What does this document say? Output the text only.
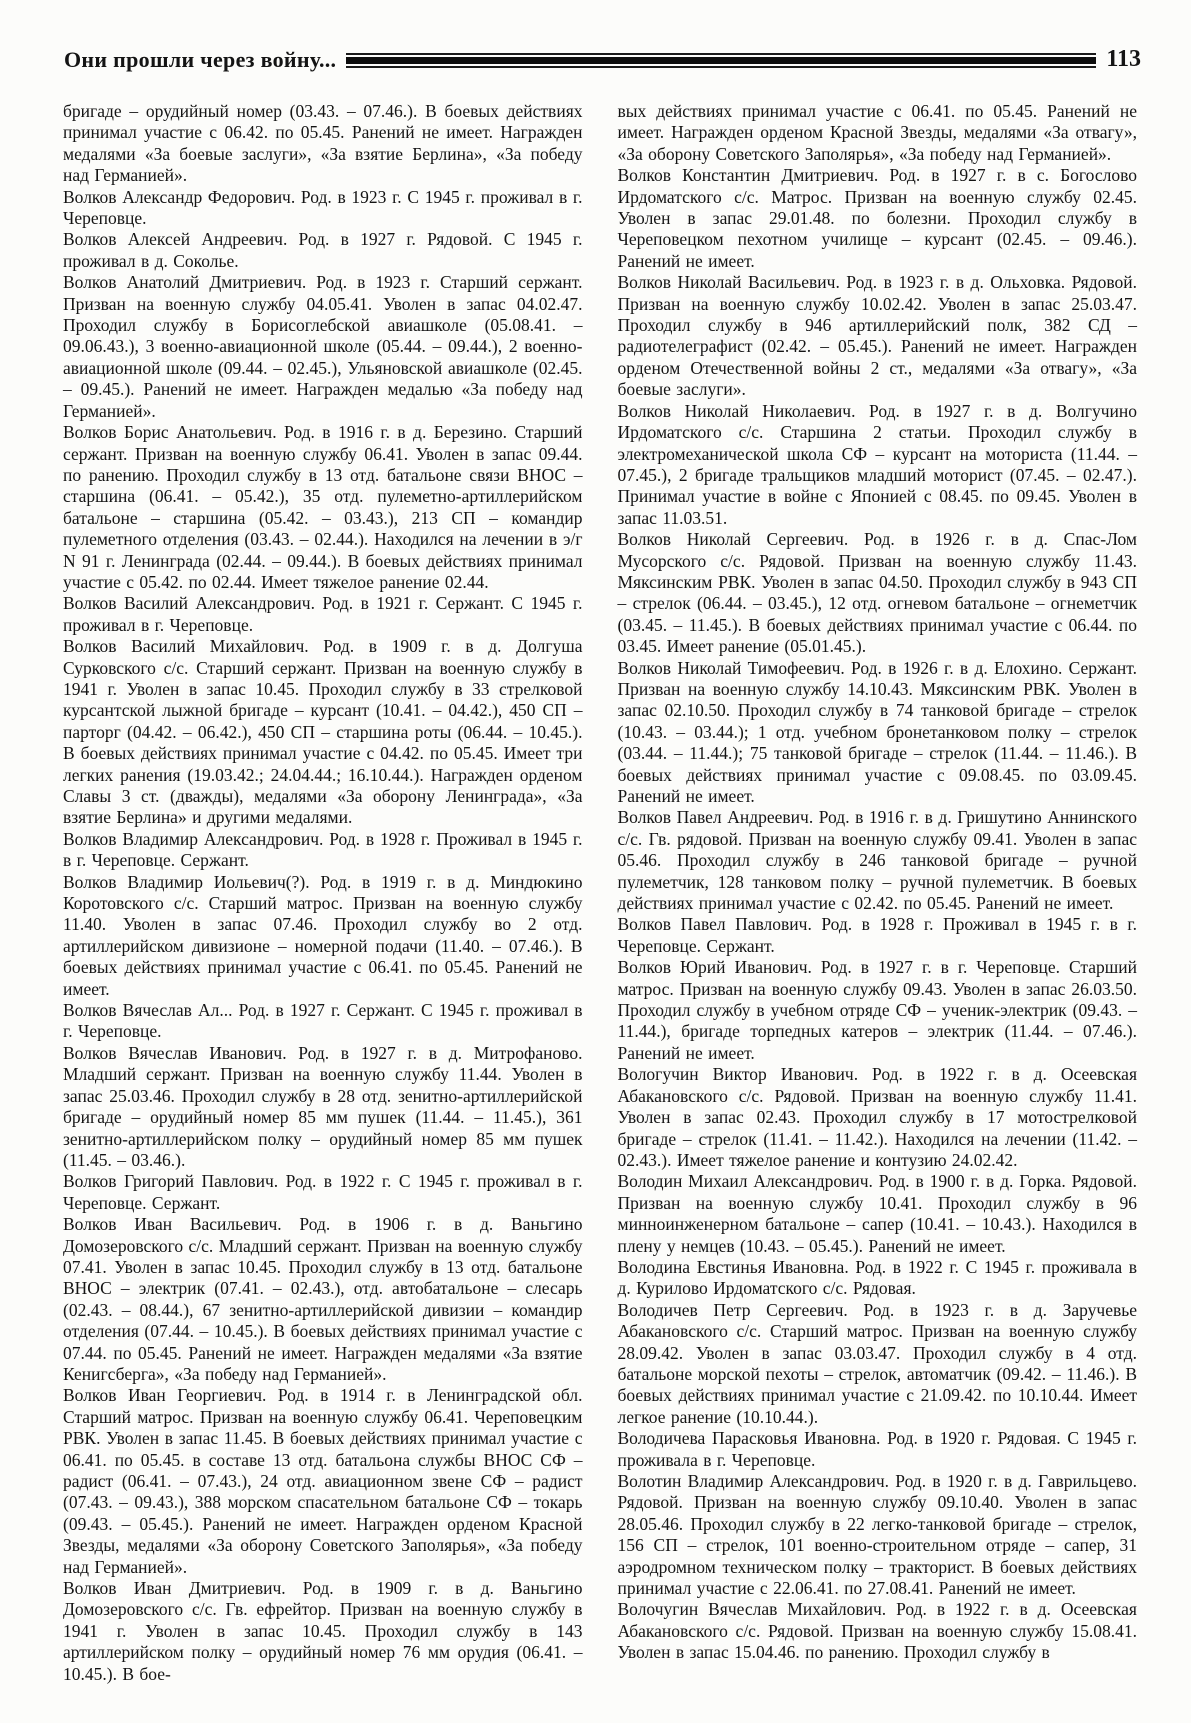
Они прошли через войну...	113

бригаде – орудийный номер (03.43. – 07.46.). В боевых действиях принимал участие с 06.42. по 05.45. Ранений не имеет. Награжден медалями «За боевые заслуги», «За взятие Берлина», «За победу над Германией».

Волков Александр Федорович. Род. в 1923 г. С 1945 г. проживал в г. Череповце.

Волков Алексей Андреевич. Род. в 1927 г. Рядовой. С 1945 г. проживал в д. Соколье.

Волков Анатолий Дмитриевич. Род. в 1923 г. Старший сержант. Призван на военную службу 04.05.41. Уволен в запас 04.02.47. Проходил службу в Борисоглебской авиашколе (05.08.41. – 09.06.43.), 3 военно-авиационной школе (05.44. – 09.44.), 2 военно-авиационной школе (09.44. – 02.45.), Ульяновской авиашколе (02.45. – 09.45.). Ранений не имеет. Награжден медалью «За победу над Германией».

Волков Борис Анатольевич. Род. в 1916 г. в д. Березино. Старший сержант. Призван на военную службу 06.41. Уволен в запас 09.44. по ранению. Проходил службу в 13 отд. батальоне связи ВНОС – старшина (06.41. – 05.42.), 35 отд. пулеметно-артиллерийском батальоне – старшина (05.42. – 03.43.), 213 СП – командир пулеметного отделения (03.43. – 02.44.). Находился на лечении в э/г N 91 г. Ленинграда (02.44. – 09.44.). В боевых действиях принимал участие с 05.42. по 02.44. Имеет тяжелое ранение 02.44.

Волков Василий Александрович. Род. в 1921 г. Сержант. С 1945 г. проживал в г. Череповце.

Волков Василий Михайлович. Род. в 1909 г. в д. Долгуша Сурковского с/с. Старший сержант. Призван на военную службу в 1941 г. Уволен в запас 10.45. Проходил службу в 33 стрелковой курсантской лыжной бригаде – курсант (10.41. – 04.42.), 450 СП – парторг (04.42. – 06.42.), 450 СП – старшина роты (06.44. – 10.45.). В боевых действиях принимал участие с 04.42. по 05.45. Имеет три легких ранения (19.03.42.; 24.04.44.; 16.10.44.). Награжден орденом Славы 3 ст. (дважды), медалями «За оборону Ленинграда», «За взятие Берлина» и другими медалями.

Волков Владимир Александрович. Род. в 1928 г. Проживал в 1945 г. в г. Череповце. Сержант.

Волков Владимир Иольевич(?). Род. в 1919 г. в д. Миндюкино Коротовского с/с. Старший матрос. Призван на военную службу 11.40. Уволен в запас 07.46. Проходил службу во 2 отд. артиллерийском дивизионе – номерной подачи (11.40. – 07.46.). В боевых действиях принимал участие с 06.41. по 05.45. Ранений не имеет.

Волков Вячеслав Ал... Род. в 1927 г. Сержант. С 1945 г. проживал в г. Череповце.

Волков Вячеслав Иванович. Род. в 1927 г. в д. Митрофаново. Младший сержант. Призван на военную службу 11.44. Уволен в запас 25.03.46. Проходил службу в 28 отд. зенитно-артиллерийской бригаде – орудийный номер 85 мм пушек (11.44. – 11.45.), 361 зенитно-артиллерийском полку – орудийный номер 85 мм пушек (11.45. – 03.46.).

Волков Григорий Павлович. Род. в 1922 г. С 1945 г. проживал в г. Череповце. Сержант.

Волков Иван Васильевич. Род. в 1906 г. в д. Ваньгино Домозеровского с/с. Младший сержант. Призван на военную службу 07.41. Уволен в запас 10.45. Проходил службу в 13 отд. батальоне ВНОС – электрик (07.41. – 02.43.), отд. автобатальоне – слесарь (02.43. – 08.44.), 67 зенитно-артиллерийской дивизии – командир отделения (07.44. – 10.45.). В боевых действиях принимал участие с 07.44. по 05.45. Ранений не имеет. Награжден медалями «За взятие Кенигсберга», «За победу над Германией».

Волков Иван Георгиевич. Род. в 1914 г. в Ленинградской обл. Старший матрос. Призван на военную службу 06.41. Череповецким РВК. Уволен в запас 11.45. В боевых действиях принимал участие с 06.41. по 05.45. в составе 13 отд. батальона службы ВНОС СФ – радист (06.41. – 07.43.), 24 отд. авиационном звене СФ – радист (07.43. – 09.43.), 388 морском спасательном батальоне СФ – токарь (09.43. – 05.45.). Ранений не имеет. Награжден орденом Красной Звезды, медалями «За оборону Советского Заполярья», «За победу над Германией».

Волков Иван Дмитриевич. Род. в 1909 г. в д. Ваньгино Домозеровского с/с. Гв. ефрейтор. Призван на военную службу в 1941 г. Уволен в запас 10.45. Проходил службу в 143 артиллерийском полку – орудийный номер 76 мм орудия (06.41. – 10.45.). В бое-

вых действиях принимал участие с 06.41. по 05.45. Ранений не имеет. Награжден орденом Красной Звезды, медалями «За отвагу», «За оборону Советского Заполярья», «За победу над Германией».

Волков Константин Дмитриевич. Род. в 1927 г. в с. Богослово Ирдоматского с/с. Матрос. Призван на военную службу 02.45. Уволен в запас 29.01.48. по болезни. Проходил службу в Череповецком пехотном училище – курсант (02.45. – 09.46.). Ранений не имеет.

Волков Николай Васильевич. Род. в 1923 г. в д. Ольховка. Рядовой. Призван на военную службу 10.02.42. Уволен в запас 25.03.47. Проходил службу в 946 артиллерийский полк, 382 СД – радиотелеграфист (02.42. – 05.45.). Ранений не имеет. Награжден орденом Отечественной войны 2 ст., медалями «За отвагу», «За боевые заслуги».

Волков Николай Николаевич. Род. в 1927 г. в д. Волгучино Ирдоматского с/с. Старшина 2 статьи. Проходил службу в электромеханической школа СФ – курсант на моториста (11.44. – 07.45.), 2 бригаде тральщиков младший моторист (07.45. – 02.47.). Принимал участие в войне с Японией с 08.45. по 09.45. Уволен в запас 11.03.51.

Волков Николай Сергеевич. Род. в 1926 г. в д. Спас-Лом Мусорского с/с. Рядовой. Призван на военную службу 11.43. Мяксинским РВК. Уволен в запас 04.50. Проходил службу в 943 СП – стрелок (06.44. – 03.45.), 12 отд. огневом батальоне – огнеметчик (03.45. – 11.45.). В боевых действиях принимал участие с 06.44. по 03.45. Имеет ранение (05.01.45.).

Волков Николай Тимофеевич. Род. в 1926 г. в д. Елохино. Сержант. Призван на военную службу 14.10.43. Мяксинским РВК. Уволен в запас 02.10.50. Проходил службу в 74 танковой бригаде – стрелок (10.43. – 03.44.); 1 отд. учебном бронетанковом полку – стрелок (03.44. – 11.44.); 75 танковой бригаде – стрелок (11.44. – 11.46.). В боевых действиях принимал участие с 09.08.45. по 03.09.45. Ранений не имеет.

Волков Павел Андреевич. Род. в 1916 г. в д. Гришутино Аннинского с/с. Гв. рядовой. Призван на военную службу 09.41. Уволен в запас 05.46. Проходил службу в 246 танковой бригаде – ручной пулеметчик, 128 танковом полку – ручной пулеметчик. В боевых действиях принимал участие с 02.42. по 05.45. Ранений не имеет.

Волков Павел Павлович. Род. в 1928 г. Проживал в 1945 г. в г. Череповце. Сержант.

Волков Юрий Иванович. Род. в 1927 г. в г. Череповце. Старший матрос. Призван на военную службу 09.43. Уволен в запас 26.03.50. Проходил службу в учебном отряде СФ – ученик-электрик (09.43. – 11.44.), бригаде торпедных катеров – электрик (11.44. – 07.46.). Ранений не имеет.

Вологучин Виктор Иванович. Род. в 1922 г. в д. Осеевская Абакановского с/с. Рядовой. Призван на военную службу 11.41. Уволен в запас 02.43. Проходил службу в 17 мотострелковой бригаде – стрелок (11.41. – 11.42.). Находился на лечении (11.42. – 02.43.). Имеет тяжелое ранение и контузию 24.02.42.

Володин Михаил Александрович. Род. в 1900 г. в д. Горка. Рядовой. Призван на военную службу 10.41. Проходил службу в 96 минноинженерном батальоне – сапер (10.41. – 10.43.). Находился в плену у немцев (10.43. – 05.45.). Ранений не имеет.

Володина Евстинья Ивановна. Род. в 1922 г. С 1945 г. проживала в д. Курилово Ирдоматского с/с. Рядовая.

Володичев Петр Сергеевич. Род. в 1923 г. в д. Заручевье Абакановского с/с. Старший матрос. Призван на военную службу 28.09.42. Уволен в запас 03.03.47. Проходил службу в 4 отд. батальоне морской пехоты – стрелок, автоматчик (09.42. – 11.46.). В боевых действиях принимал участие с 21.09.42. по 10.10.44. Имеет легкое ранение (10.10.44.).

Володичева Парасковья Ивановна. Род. в 1920 г. Рядовая. С 1945 г. проживала в г. Череповце.

Волотин Владимир Александрович. Род. в 1920 г. в д. Гаврильцево. Рядовой. Призван на военную службу 09.10.40. Уволен в запас 28.05.46. Проходил службу в 22 легко-танковой бригаде – стрелок, 156 СП – стрелок, 101 военно-строительном отряде – сапер, 31 аэродромном техническом полку – тракторист. В боевых действиях принимал участие с 22.06.41. по 27.08.41. Ранений не имеет.

Волочугин Вячеслав Михайлович. Род. в 1922 г. в д. Осеевская Абакановского с/с. Рядовой. Призван на военную службу 15.08.41. Уволен в запас 15.04.46. по ранению. Проходил службу в
